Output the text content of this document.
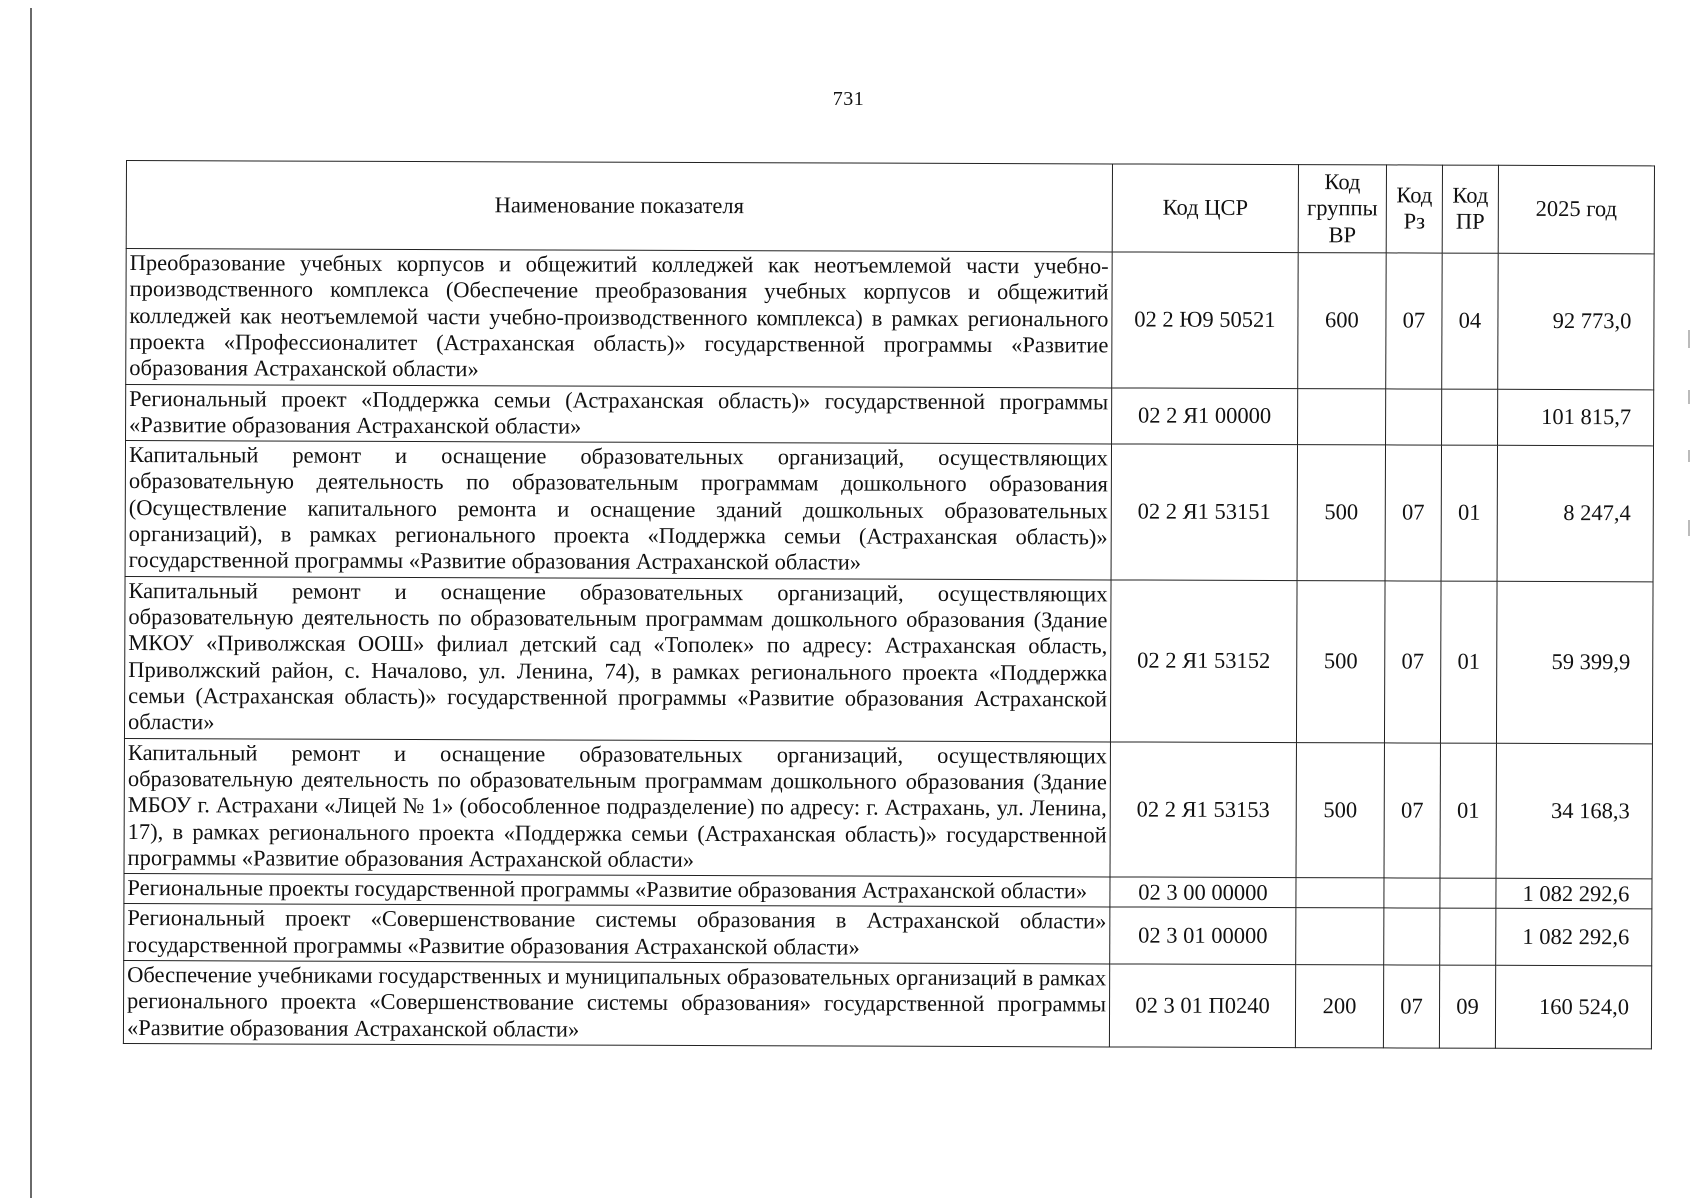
731
Наименование показателя	Код ЦСР	Код группы ВР	Код Рз	Код ПР	2025 год
Преобразование учебных корпусов и общежитий колледжей как неотъемлемой части учебно-производственного комплекса (Обеспечение преобразования учебных корпусов и общежитий колледжей как неотъемлемой части учебно-производственного комплекса) в рамках регионального проекта «Профессионалитет (Астраханская область)» государственной программы «Развитие образования Астраханской области»	02 2 Ю9 50521	600	07	04	92 773,0
Региональный проект «Поддержка семьи (Астраханская область)» государственной программы «Развитие образования Астраханской области»	02 2 Я1 00000				101 815,7
Капитальный ремонт и оснащение образовательных организаций, осуществляющих образовательную деятельность по образовательным программам дошкольного образования (Осуществление капитального ремонта и оснащение зданий дошкольных образовательных организаций), в рамках регионального проекта «Поддержка семьи (Астраханская область)» государственной программы «Развитие образования Астраханской области»	02 2 Я1 53151	500	07	01	8 247,4
Капитальный ремонт и оснащение образовательных организаций, осуществляющих образовательную деятельность по образовательным программам дошкольного образования (Здание МКОУ «Приволжская ООШ» филиал детский сад «Тополек» по адресу: Астраханская область, Приволжский район, с. Началово, ул. Ленина, 74), в рамках регионального проекта «Поддержка семьи (Астраханская область)» государственной программы «Развитие образования Астраханской области»	02 2 Я1 53152	500	07	01	59 399,9
Капитальный ремонт и оснащение образовательных организаций, осуществляющих образовательную деятельность по образовательным программам дошкольного образования (Здание МБОУ г. Астрахани «Лицей № 1» (обособленное подразделение) по адресу: г. Астрахань, ул. Ленина, 17), в рамках регионального проекта «Поддержка семьи (Астраханская область)» государственной программы «Развитие образования Астраханской области»	02 2 Я1 53153	500	07	01	34 168,3
Региональные проекты государственной программы «Развитие образования Астраханской области»	02 3 00 00000				1 082 292,6
Региональный проект «Совершенствование системы образования в Астраханской области» государственной программы «Развитие образования Астраханской области»	02 3 01 00000				1 082 292,6
Обеспечение учебниками государственных и муниципальных образовательных организаций в рамках регионального проекта «Совершенствование системы образования» государственной программы «Развитие образования Астраханской области»	02 3 01 П0240	200	07	09	160 524,0
